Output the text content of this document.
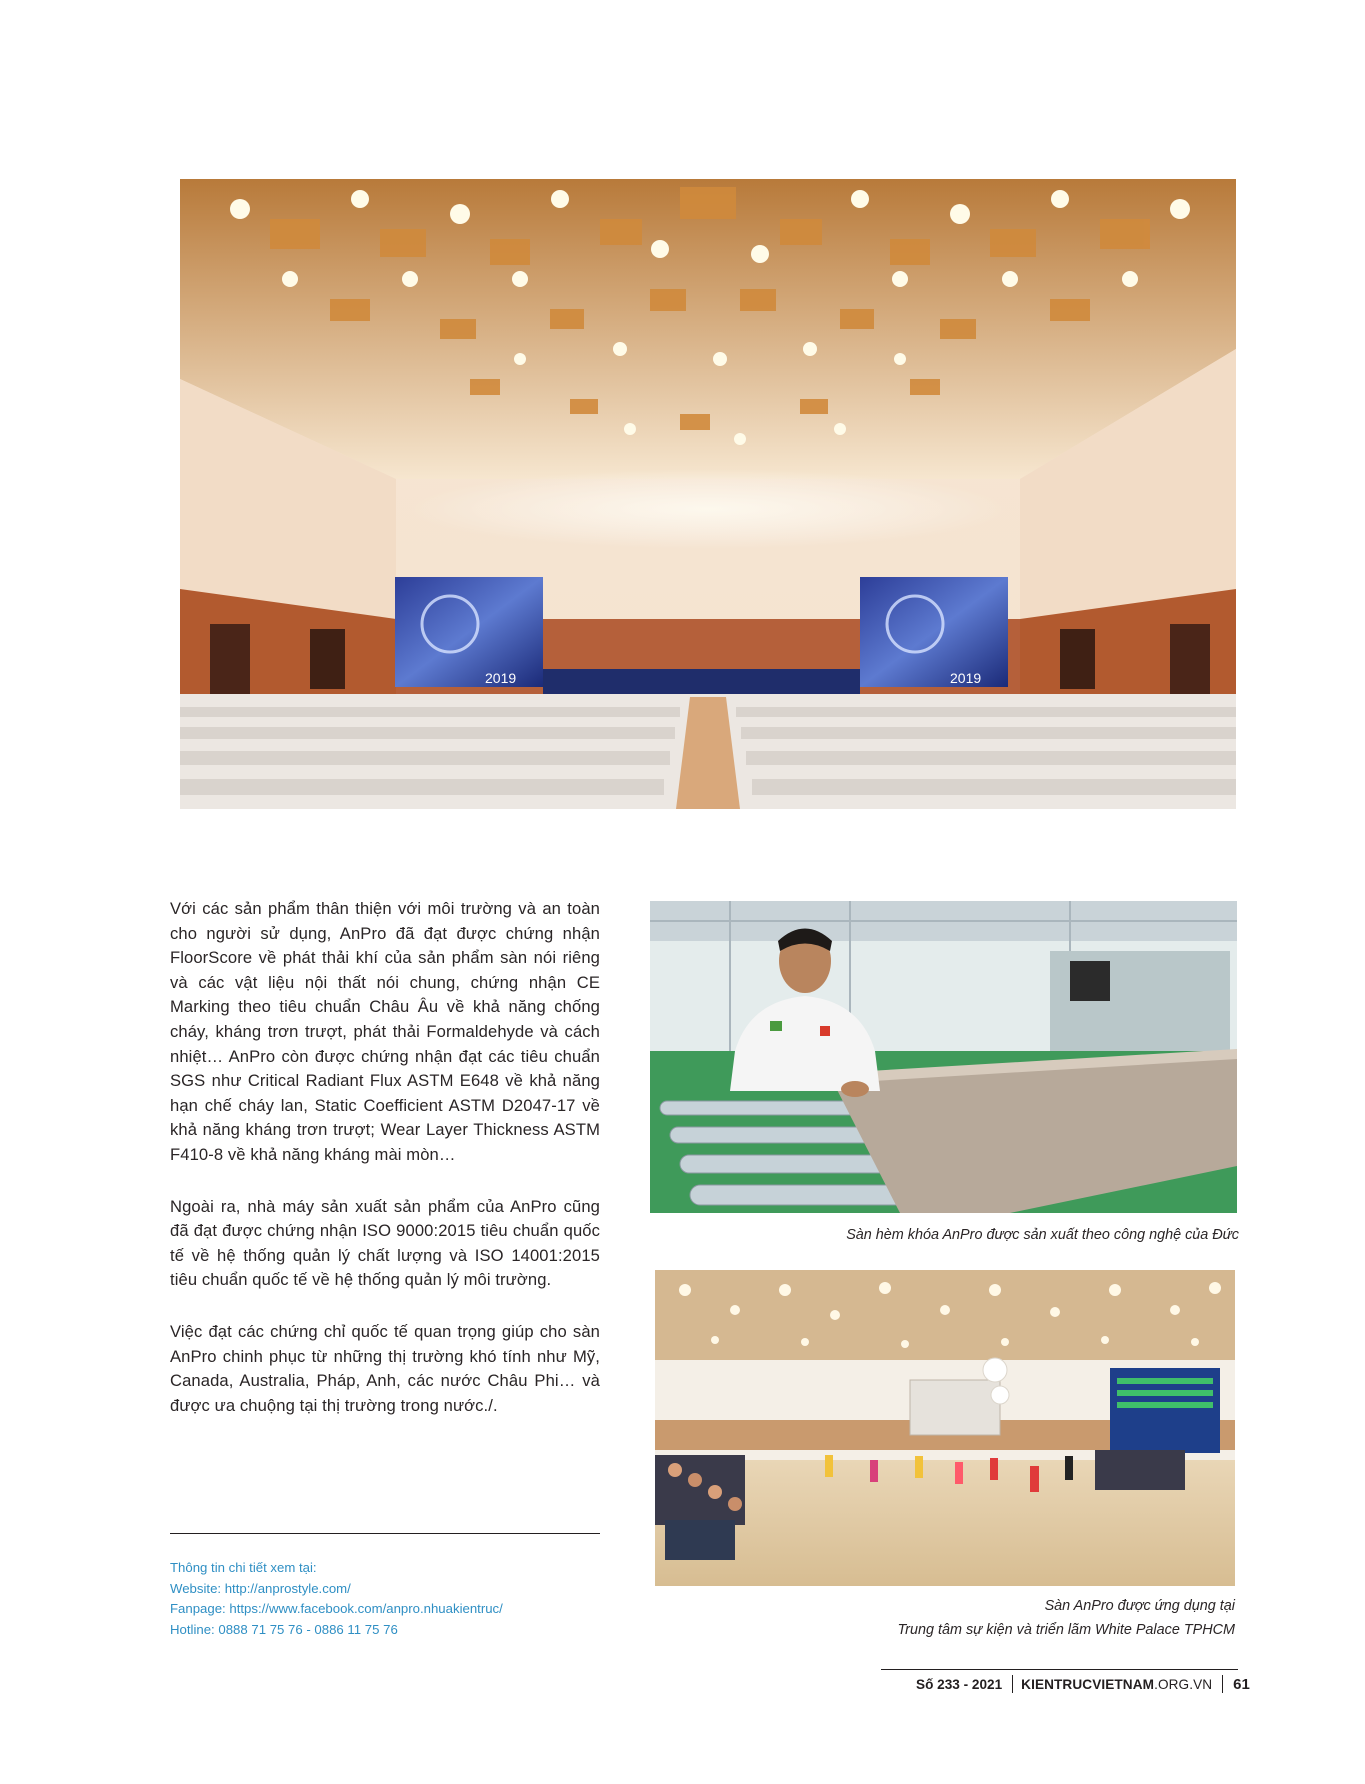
2019	2019

Với các sản phẩm thân thiện với môi trường và an toàn cho người sử dụng, AnPro đã đạt được chứng nhận FloorScore về phát thải khí của sản phẩm sàn nói riêng và các vật liệu nội thất nói chung, chứng nhận CE Marking theo tiêu chuẩn Châu Âu về khả năng chống cháy, kháng trơn trượt, phát thải Formaldehyde và cách nhiệt… AnPro còn được chứng nhận đạt các tiêu chuẩn SGS như Critical Radiant Flux ASTM E648 về khả năng hạn chế cháy lan, Static Coefficient ASTM D2047-17 về khả năng kháng trơn trượt; Wear Layer Thickness ASTM F410-8 về khả năng kháng mài mòn…

Ngoài ra, nhà máy sản xuất sản phẩm của AnPro cũng đã đạt được chứng nhận ISO 9000:2015 tiêu chuẩn quốc tế về hệ thống quản lý chất lượng và ISO 14001:2015 tiêu chuẩn quốc tế về hệ thống quản lý môi trường.

Việc đạt các chứng chỉ quốc tế quan trọng giúp cho sàn AnPro chinh phục từ những thị trường khó tính như Mỹ, Canada, Australia, Pháp, Anh, các nước Châu Phi… và được ưa chuộng tại thị trường trong nước./.

Thông tin chi tiết xem tại:
Website: http://anprostyle.com/
Fanpage: https://www.facebook.com/anpro.nhuakientruc/
Hotline: 0888 71 75 76 - 0886 11 75 76
Sàn hèm khóa AnPro được sản xuất theo công nghệ của Đức
Sàn AnPro được ứng dụng tại
Trung tâm sự kiện và triển lãm White Palace TPHCM
Số 233 - 2021	KIENTRUCVIETNAM.ORG.VN	61
